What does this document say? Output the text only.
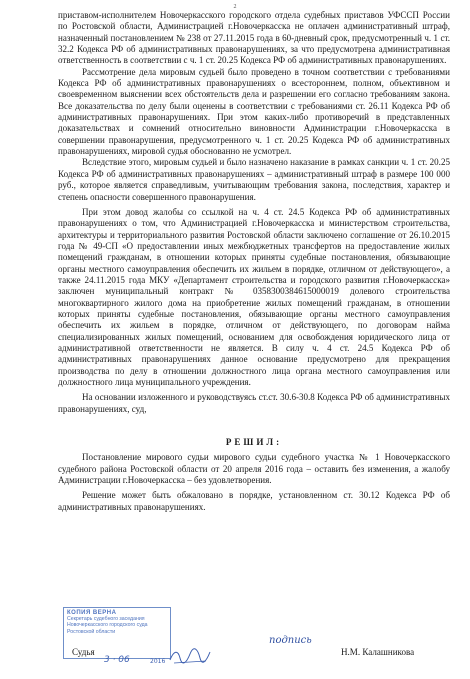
2

приставом-исполнителем Новочеркасского городского отдела судебных приставов УФССП России по Ростовской области, Администрацией г.Новочеркасска не оплачен административный штраф, назначенный постановлением № 238 от 27.11.2015 года в 60-дневный срок, предусмотренный ч. 1 ст. 32.2 Кодекса РФ об административных правонарушениях, за что предусмотрена административная ответственность в соответствии с ч. 1 ст. 20.25 Кодекса РФ об административных правонарушениях.

Рассмотрение дела мировым судьей было проведено в точном соответствии с требованиями Кодекса РФ об административных правонарушениях о всестороннем, полном, объективном и своевременном выяснении всех обстоятельств дела и разрешении его согласно требованиям закона. Все доказательства по делу были оценены в соответствии с требованиями ст. 26.11 Кодекса РФ об административных правонарушениях. При этом каких-либо противоречий в представленных доказательствах и сомнений относительно виновности Администрации г.Новочеркасска в совершении правонарушения, предусмотренного ч. 1 ст. 20.25 Кодекса РФ об административных правонарушениях, мировой судья обоснованно не усмотрел.

Вследствие этого, мировым судьей и было назначено наказание в рамках санкции ч. 1 ст. 20.25 Кодекса РФ об административных правонарушениях – административный штраф в размере 100 000 руб., которое является справедливым, учитывающим требования закона, последствия, характер и степень опасности совершенного правонарушения.

При этом довод жалобы со ссылкой на ч. 4 ст. 24.5 Кодекса РФ об административных правонарушениях о том, что Администрацией г.Новочеркасска и министерством строительства, архитектуры и территориального развития Ростовской области заключено соглашение от 26.10.2015 года № 49-СП «О предоставлении иных межбюджетных трансфертов на предоставление жилых помещений гражданам, в отношении которых приняты судебные постановления, обязывающие органы местного самоуправления обеспечить их жильем в порядке, отличном от действующего», а также 24.11.2015 года МКУ «Департамент строительства и городского развития г.Новочеркасска» заключен муниципальный контракт № 0358300384615000019 долевого строительства многоквартирного жилого дома на приобретение жилых помещений гражданам, в отношении которых приняты судебные постановления, обязывающие органы местного самоуправления обеспечить их жильем в порядке, отличном от действующего, по договорам найма специализированных жилых помещений, основанием для освобождения юридического лица от административной ответственности не является. В силу ч. 4 ст. 24.5 Кодекса РФ об административных правонарушениях данное основание предусмотрено для прекращения производства по делу в отношении должностного лица органа местного самоуправления или должностного лица муниципального учреждения.

На основании изложенного и руководствуясь ст.ст. 30.6-30.8 Кодекса РФ об административных правонарушениях, суд,

РЕШИЛ:

Постановление мирового судьи мирового судьи судебного участка № 1 Новочеркасского судебного района Ростовской области от 20 апреля 2016 года – оставить без изменения, а жалобу Администрации г.Новочеркасска – без удовлетворения.

Решение может быть обжаловано в порядке, установленном ст. 30.12 Кодекса РФ об административных правонарушениях.

КОПИЯ ВЕРНА
Секретарь судебного заседания
Новочеркасского городского суда
Ростовской области
Судья
3 · 06	2016
подпись
Н.М. Калашникова
